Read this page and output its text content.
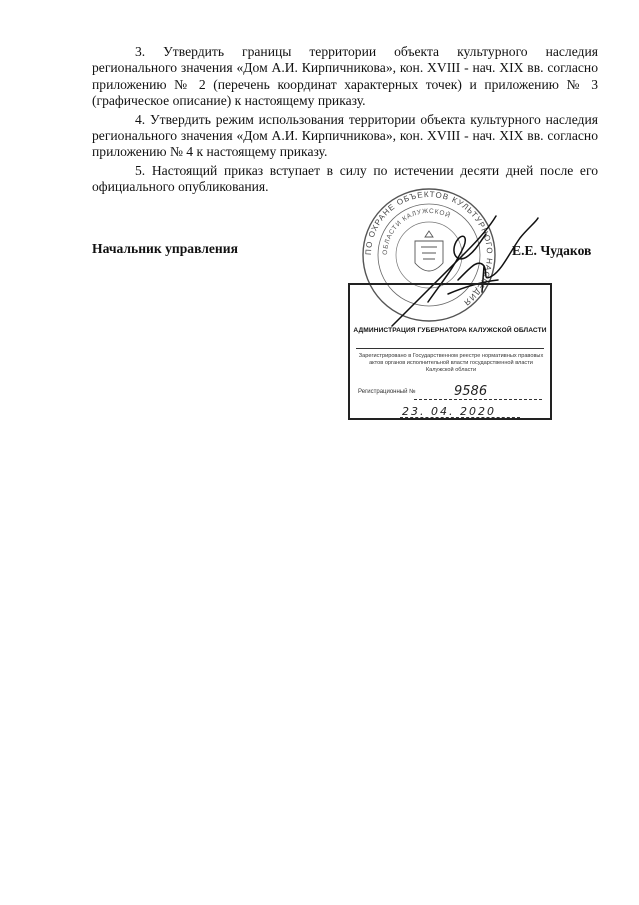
3. Утвердить границы территории объекта культурного наследия регионального значения «Дом А.И. Кирпичникова», кон. XVIII - нач. XIX вв. согласно приложению № 2 (перечень координат характерных точек) и приложению № 3 (графическое описание) к настоящему приказу.

4. Утвердить режим использования территории объекта культурного наследия регионального значения «Дом А.И. Кирпичникова», кон. XVIII - нач. XIX вв. согласно приложению № 4 к настоящему приказу.

5. Настоящий приказ вступает в силу по истечении десяти дней после его официального опубликования.

Начальник управления	Е.Е. Чудаков
ПО ОХРАНЕ ОБЪЕКТОВ КУЛЬТУРНОГО НАСЛЕДИЯ
ОБЛАСТИ КАЛУЖСКОЙ
АДМИНИСТРАЦИЯ ГУБЕРНАТОРА КАЛУЖСКОЙ ОБЛАСТИ
Зарегистрировано в Государственном реестре нормативных правовых актов органов исполнительной власти государственной власти Калужской области
Регистрационный №	9586
23. 04. 2020
